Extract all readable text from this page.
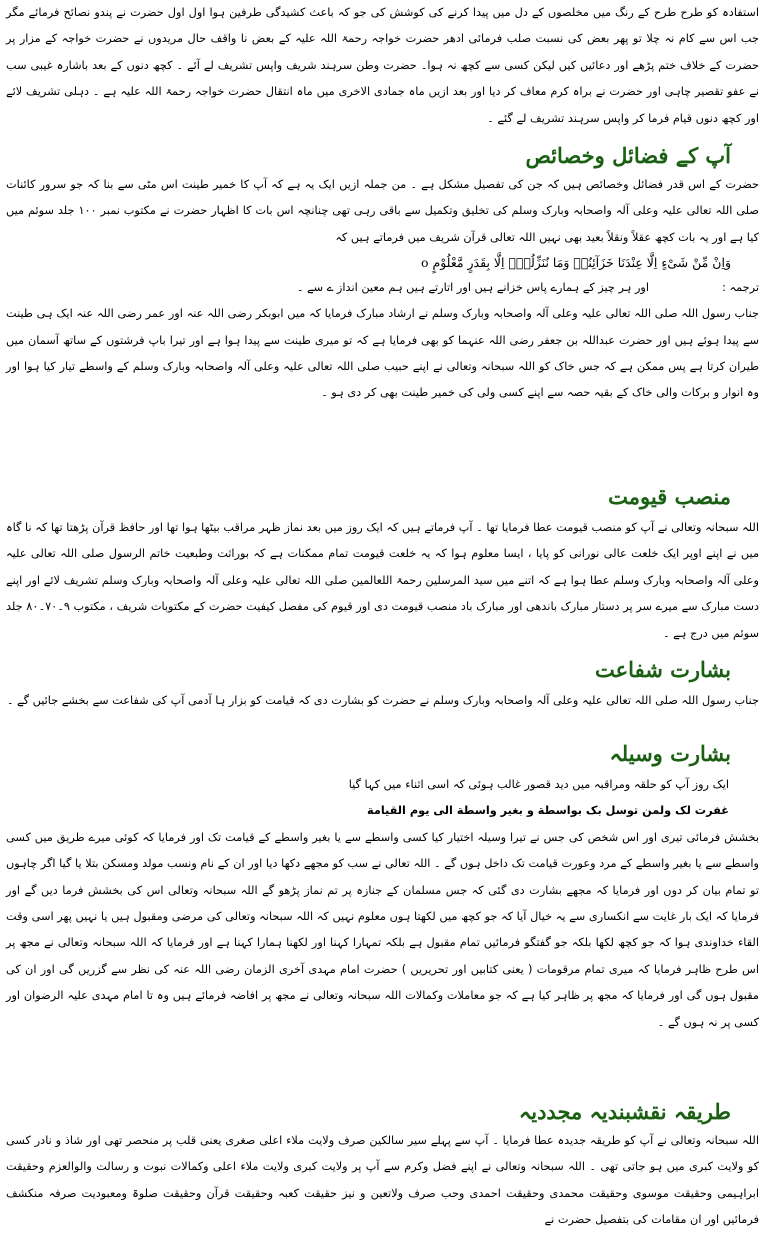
استفادہ کو طرح طرح کے رنگ میں مخلصوں کے دل میں پیدا کرنے کی کوشش کی جو کہ باعث کشیدگی طرفین ہوا اول اول حضرت نے پندو نصائح فرمائے مگر جب اس سے کام نہ چلا تو پھر بعض کی نسبت صلب فرمائی ادھر حضرت خواجہ رحمۃ اللہ علیہ کے بعض نا واقف حال مریدوں نے حضرت خواجہ کے مزار پر حضرت کے خلاف ختم پڑھے اور دعائیں کیں لیکن کسی سے کچھ نہ ہوا۔ حضرت وطن سرہند شریف واپس تشریف لے آئے ۔ کچھ دنوں کے بعد باشارہ غیبی سب نے عفو تقصیر چاہی اور حضرت نے براہ کرم معاف کر دیا اور بعد ازیں ماہ جمادی الاخری میں ماہ انتقال حضرت خواجہ رحمۃ اللہ علیہ ہے ۔ دہلی تشریف لائے اور کچھ دنوں قیام فرما کر واپس سرہند تشریف لے گئے ۔

آپ کے فضائل وخصائص

حضرت کے اس قدر فضائل وخصائص ہیں کہ جن کی تفصیل مشکل ہے ۔ من جملہ ازیں ایک یہ ہے کہ آپ کا خمیر طینت اس مٹی سے بنا کہ جو سرور کائنات صلی اللہ تعالی علیہ وعلی آلہ واصحابہ وبارک وسلم کی تخلیق وتکمیل سے باقی رہی تھی چنانچہ اس بات کا اظہار حضرت نے مکتوب نمبر ۱۰۰ جلد سوئم میں کیا ہے اور یہ بات کچھ عقلاً ونقلاً بعید بھی نہیں اللہ تعالی قرآن شریف میں فرماتے ہیں کہ

وَاِنْ مِّنْ شَیْءٍ اِلَّا عِنْدَنَا خَزَآئِنُہٗ وَمَا نُنَزِّلُہٗٓ اِلَّا بِقَدَرٍ مَّعْلُوْمٍ o

ترجمہ :
اور ہر چیز کے ہمارے پاس خزانے ہیں اور اتارتے ہیں ہم معین انداز ے سے ۔

جناب رسول اللہ صلی اللہ تعالی علیہ وعلی آلہ واصحابہ وبارک وسلم نے ارشاد مبارک فرمایا کہ میں ابوبکر رضی اللہ عنہ اور عمر رضی اللہ عنہ ایک ہی طینت سے پیدا ہوئے ہیں اور حضرت عبداللہ بن جعفر رضی اللہ عنہما کو بھی فرمایا ہے کہ تو میری طینت سے پیدا ہوا ہے اور تیرا باپ فرشتوں کے ساتھ آسمان میں طیران کرتا ہے پس ممکن ہے کہ جس خاک کو اللہ سبحانہ وتعالی نے اپنے حبیب صلی اللہ تعالی علیہ وعلی آلہ واصحابہ وبارک وسلم کے واسطے تیار کیا ہوا اور وہ انوار و برکات والی خاک کے بقیہ حصہ سے اپنے کسی ولی کی خمیر طینت بھی کر دی ہو ۔

منصب قیومت

اللہ سبحانہ وتعالی نے آپ کو منصب قیومت عطا فرمایا تھا ۔ آپ فرماتے ہیں کہ ایک روز میں بعد نماز ظہر مراقب بیٹھا ہوا تھا اور حافظ قرآن پڑھتا تھا کہ نا گاہ میں نے اپنے اوپر ایک خلعت عالی نورانی کو پایا ، ایسا معلوم ہوا کہ یہ خلعت قیومت تمام ممکنات ہے کہ بوراثت وطبعیت خاتم الرسول صلی اللہ تعالی علیہ وعلی آلہ واصحابہ وبارک وسلم عطا ہوا ہے کہ اتنے میں سید المرسلین رحمۃ اللعالمین صلی اللہ تعالی علیہ وعلی آلہ واصحابہ وبارک وسلم تشریف لائے اور اپنے دست مبارک سے میرے سر پر دستار مبارک باندھی اور مبارک باد منصب قیومت دی اور قیوم کی مفصل کیفیت حضرت کے مکتوبات شریف ، مکتوب ۹۔۷۰۔۸۰ جلد سوئم میں درج ہے ۔

بشارت شفاعت

جناب رسول اللہ صلی اللہ تعالی علیہ وعلی آلہ واصحابہ وبارک وسلم نے حضرت کو بشارت دی کہ قیامت کو بزار ہا آدمی آپ کی شفاعت سے بخشے جائیں گے ۔

بشارت وسیلہ

ایک روز آپ کو حلقہ ومراقبہ میں دید قصور غالب ہوئی کہ اسی اثناء میں کہا گیا

غفرت لک ولمن توسل بک بواسطة و بغیر واسطة الی یوم القیامة

بخشش فرمائی تیری اور اس شخص کی جس نے تیرا وسیلہ اختیار کیا کسی واسطے سے یا بغیر واسطے کے قیامت تک اور فرمایا کہ کوئی میرے طریق میں کسی واسطے سے یا بغیر واسطے کے مرد وعورت قیامت تک داخل ہوں گے ۔ اللہ تعالی نے سب کو مجھے دکھا دیا اور ان کے نام ونسب مولد ومسکن بتلا یا گیا اگر چاہوں تو تمام بیان کر دوں اور فرمایا کہ مجھے بشارت دی گئی کہ جس مسلمان کے جنازہ پر تم نماز پڑھو گے اللہ سبحانہ وتعالی اس کی بخشش فرما دیں گے اور فرمایا کہ ایک بار غایت سے انکساری سے یہ خیال آیا کہ جو کچھ میں لکھتا ہوں معلوم نہیں کہ اللہ سبحانہ وتعالی کی مرضی ومقبول ہیں یا نہیں پھر اسی وقت القاء خداوندی ہوا کہ جو کچھ لکھا بلکہ جو گفتگو فرمائیں تمام مقبول ہے بلکہ تمہارا کہنا اور لکھنا ہمارا کہنا ہے اور فرمایا کہ اللہ سبحانہ وتعالی نے مجھ پر اس طرح ظاہر فرمایا کہ میری تمام مرقومات ( یعنی کتابیں اور تحریریں ) حضرت امام مہدی آخری الزمان رضی اللہ عنہ کی نظر سے گزریں گی اور ان کی مقبول ہوں گی اور فرمایا کہ مجھ پر ظاہر کیا ہے کہ جو معاملات وکمالات اللہ سبحانہ وتعالی نے مجھ پر افاضہ فرمائے ہیں وہ تا امام مہدی علیہ الرضوان اور کسی پر نہ ہوں گے ۔

طریقہ نقشبندیہ مجددیہ

اللہ سبحانہ وتعالی نے آپ کو طریقہ جدیدہ عطا فرمایا ۔ آپ سے پہلے سیر سالکین صرف ولایت ملاء اعلی صغری یعنی قلب پر منحصر تھی اور شاذ و نادر کسی کو ولایت کبری میں ہو جاتی تھی ۔ اللہ سبحانہ وتعالی نے اپنے فضل وکرم سے آپ پر ولایت کبری ولایت ملاء اعلی وکمالات نبوت و رسالت والوالعزم وحقیقت ابراہیمی وحقیقت موسوی وحقیقت محمدی وحقیقت احمدی وحب صرف ولاتعین و نیز حقیقت کعبہ وحقیقت قرآن وحقیقت صلوۃ ومعبودیت صرفہ منکشف فرمائیں اور ان مقامات کی بتفصیل حضرت نے
